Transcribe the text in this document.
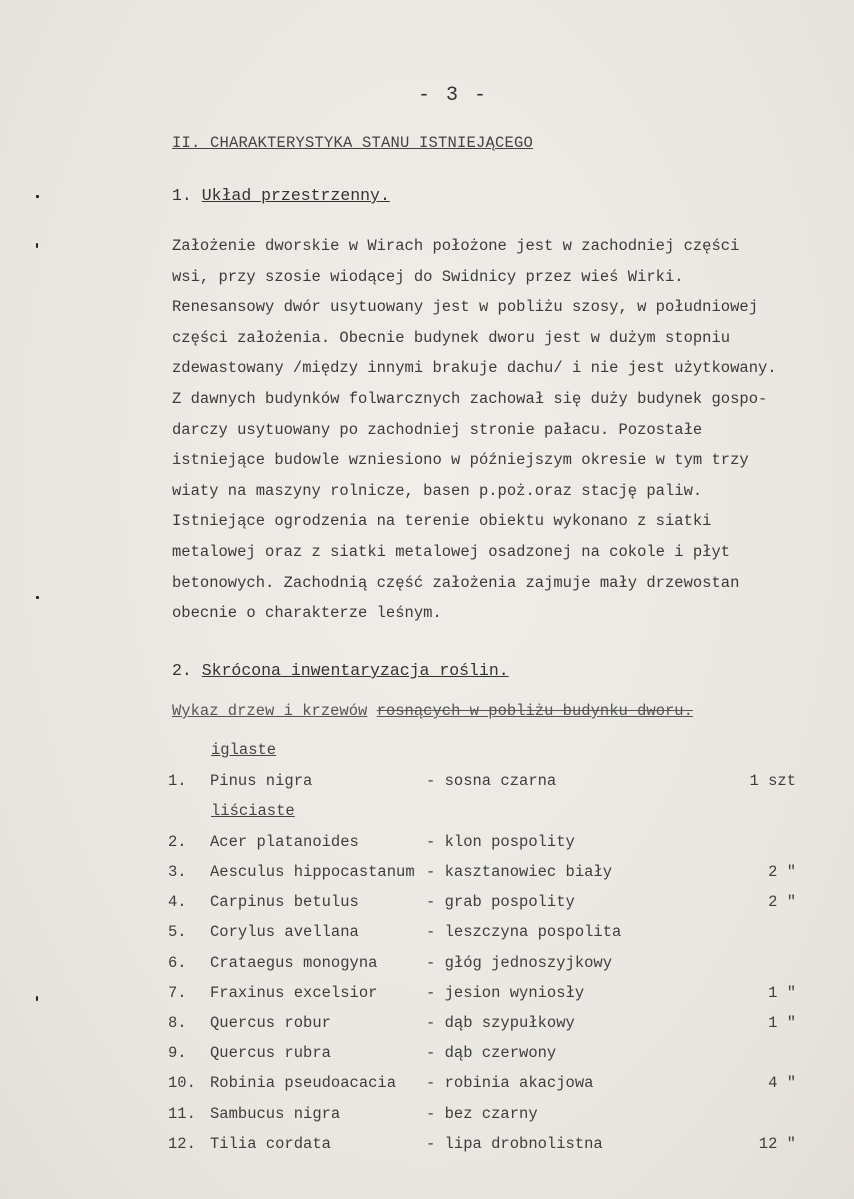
- 3 -
II. CHARAKTERYSTYKA STANU ISTNIEJĄCEGO
1. Układ przestrzenny.
Założenie dworskie w Wirach położone jest w zachodniej części
wsi, przy szosie wiodącej do Swidnicy przez wieś Wirki.
Renesansowy dwór usytuowany jest w pobliżu szosy, w południowej
części założenia. Obecnie budynek dworu jest w dużym stopniu
zdewastowany /między innymi brakuje dachu/ i nie jest użytkowany.
Z dawnych budynków folwarcznych zachował się duży budynek gospo-
darczy usytuowany po zachodniej stronie pałacu. Pozostałe
istniejące budowle wzniesiono w późniejszym okresie w tym trzy
wiaty na maszyny rolnicze, basen p.poż.oraz stację paliw.
Istniejące ogrodzenia na terenie obiektu wykonano z siatki
metalowej oraz z siatki metalowej osadzonej na cokole i płyt
betonowych. Zachodnią część założenia zajmuje mały drzewostan
obecnie o charakterze leśnym.
2. Skrócona inwentaryzacja roślin.
Wykaz drzew i krzewów rosnących w pobliżu budynku dworu.
iglaste
1. Pinus nigra	- sosna czarna	1 szt
liściaste
2. Acer platanoides	- klon pospolity
3. Aesculus hippocastanum - kasztanowiec biały	2 "
4. Carpinus betulus	- grab pospolity	2 "
5. Corylus avellana	- leszczyna pospolita
6. Crataegus monogyna	- głóg jednoszyjkowy
7. Fraxinus excelsior	- jesion wyniosły	1 "
8. Quercus robur	- dąb szypułkowy	1 "
9. Quercus rubra	- dąb czerwony
10. Robinia pseudoacacia - robinia akacjowa	4 "
11. Sambucus nigra	- bez czarny
12. Tilia cordata	- lipa drobnolistna	12 "
